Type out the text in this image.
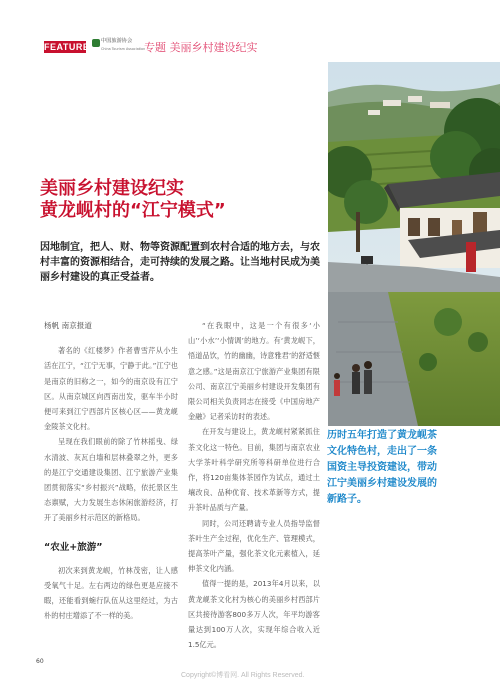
FEATURE
中国旅游协会
China Tourism Association
专题 美丽乡村建设纪实
美丽乡村建设纪实
黄龙岘村的“江宁模式”
因地制宜，把人、财、物等资源配置到农村合适的地方去，与农村丰富的资源相结合，走可持续的发展之路。让当地村民成为美丽乡村建设的真正受益者。

杨帆 南京报道

著名的《红楼梦》作者曹雪芹从小生活在江宁，“江宁无事，宁静于此。”江宁也是南京的旧称之一，如今的南京设有江宁区。从南京城区向西南出发，驱车半小时便可来到江宁西部片区核心区——黄龙岘金陵茶文化村。

呈现在我们眼前的除了竹林摇曳、绿水清波、灰瓦白墙和层林叠翠之外，更多的是江宁交通建设集团、江宁旅游产业集团贯彻落实“乡村振兴”战略，依托景区生态禀赋，大力发展生态休闲旅游经济，打开了美丽乡村示范区的新格局。

“农业+旅游”

初次来到黄龙岘，竹林茂密，让人感受氧气十足。左右两边的绿色更是应接不暇，还能看到蜿行队伍从这里经过，为古朴的村庄增添了不一样的美。

“在我眼中，这是一个有很多‘小山’‘小水’‘小情调’的地方。有‘黄龙岘下，悟道品饮，竹的幽幽，诗意雅君’的舒适惬意之感。”这是南京江宁旅游产业集团有限公司、南京江宁美丽乡村建设开发集团有限公司相关负责同志在接受《中国房地产金融》记者采访时的表述。

在开发与建设上，黄龙岘村紧紧抓住茶文化这一特色。目前，集团与南京农业大学茶叶科学研究所等科研单位进行合作，将120亩集体茶园作为试点，通过土壤改良、品种优育、技术革新等方式，提升茶叶品质与产量。

同时，公司还聘请专业人员指导监督茶叶生产全过程，优化生产、管理模式，提高茶叶产量，强化茶文化元素植入，延伸茶文化内涵。

值得一提的是，2013年4月以来，以黄龙岘茶文化村为核心的美丽乡村西部片区共接待游客800多万人次，年平均游客量达到100万人次，实现年综合收入近1.5亿元。

历时五年打造了黄龙岘茶文化特色村，走出了一条国资主导投资建设，带动江宁美丽乡村建设发展的新路子。
60
Copyright©博看网. All Rights Reserved.
